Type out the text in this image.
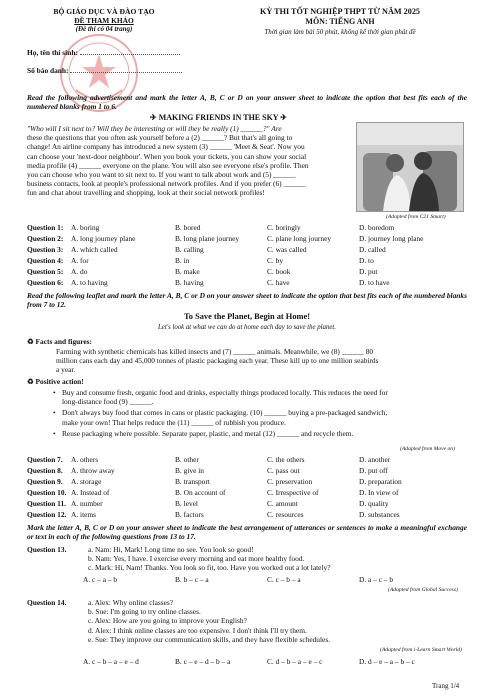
BỘ GIÁO DỤC VÀ ĐÀO TẠO
ĐỀ THAM KHẢO
(Đề thi có 04 trang)
KỲ THI TỐT NGHIỆP THPT TỪ NĂM 2025
MÔN: TIẾNG ANH
Thời gian làm bài 50 phút, không kể thời gian phát đề
Họ, tên thí sinh:
Số báo danh:
Read the following advertisement and mark the letter A, B, C or D on your answer sheet to indicate the option that best fits each of the numbered blanks from 1 to 6.
✈ MAKING FRIENDS IN THE SKY ✈
"Who will I sit next to? Will they be interesting or will they be really (1) ______?" Are
these the questions that you often ask yourself before a (2) ______? But that's all going to
change! An airline company has introduced a new system (3) ______ 'Meet & Seat'. Now you
can choose your 'next-door neighbour'. When you book your tickets, you can show your social
media profile (4) ______ everyone on the plane. You will also see everyone else's profile. Then
you can choose who you want to sit next to. If you want to talk about work and (5) ______
business contacts, look at people's professional network profiles. And if you prefer (6) ______
fun and chat about travelling and shopping, look at their social network profiles!
(Adapted from C21 Smart)
Question 1: A. boring	B. bored	C. boringly	D. boredom
Question 2: A. long journey plane	B. long plane journey	C. plane long journey	D. journey long plane
Question 3: A. which called	B. calling	C. was called	D. called
Question 4: A. for	B. in	C. by	D. to
Question 5: A. do	B. make	C. book	D. put
Question 6: A. to having	B. having	C. have	D. to have
Read the following leaflet and mark the letter A, B, C or D on your answer sheet to indicate the option that best fits each of the numbered blanks from 7 to 12.
To Save the Planet, Begin at Home!
Let's look at what we can do at home each day to save the planet.
♻ Facts and figures:
Farming with synthetic chemicals has killed insects and (7) ______ animals. Meanwhile, we (8) ______ 80
million cans each day and 45,000 tonnes of plastic packaging each year. These kill up to one million seabirds
a year.
♻ Positive action!
• Buy and consume fresh, organic food and drinks, especially things produced locally. This reduces the need for
long-distance food (9) ______.
• Don't always buy food that comes in cans or plastic packaging. (10) ______ buying a pre-packaged sandwich,
make your own! That helps reduce the (11) ______ of rubbish you produce.
• Reuse packaging where possible. Separate paper, plastic, and metal (12) ______ and recycle them.
(Adapted from Move on)
Question 7. A. others	B. other	C. the others	D. another
Question 8. A. throw away	B. give in	C. pass out	D. put off
Question 9. A. storage	B. transport	C. preservation	D. preparation
Question 10. A. Instead of	B. On account of	C. Irrespective of	D. In view of
Question 11. A. number	B. level	C. amount	D. quality
Question 12. A. items	B. factors	C. resources	D. substances
Mark the letter A, B, C or D on your answer sheet to indicate the best arrangement of utterances or sentences to make a meaningful exchange or text in each of the following questions from 13 to 17.
Question 13.	a. Nam: Hi, Mark! Long time no see. You look so good!
b. Nam: Yes, I have. I exercise every morning and eat more healthy food.
c. Mark: Hi, Nam! Thanks. You look so fit, too. Have you worked out a lot lately?
A. c – a – b	B. b – c – a	C. c – b – a	D. a – c – b
(Adapted from Global Success)
Question 14.	a. Alex: Why online classes?
b. Sue: I'm going to try online classes.
c. Alex: How are you going to improve your English?
d. Alex: I think online classes are too expensive. I don't think I'll try them.
e. Sue: They improve our communication skills, and they have flexible schedules.
(Adapted from i-Learn Smart World)
A. c – b – a – e – d	B. c – e – d – b – a	C. d – b – a – e – c	D. d – e – a – b – c
Trang 1/4
